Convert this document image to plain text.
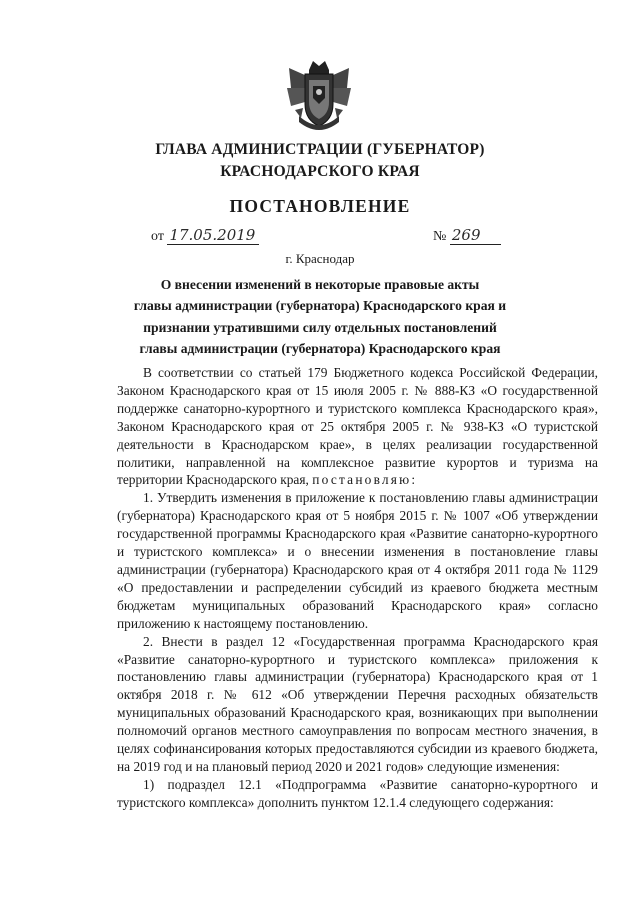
ГЛАВА АДМИНИСТРАЦИИ (ГУБЕРНАТОР)
КРАСНОДАРСКОГО КРАЯ
ПОСТАНОВЛЕНИЕ
от 17.05.2019	№ 269
г. Краснодар
О внесении изменений в некоторые правовые акты
главы администрации (губернатора) Краснодарского края и
признании утратившими силу отдельных постановлений
главы администрации (губернатора) Краснодарского края

В соответствии со статьей 179 Бюджетного кодекса Российской Федерации, Законом Краснодарского края от 15 июля 2005 г. № 888-КЗ «О государственной поддержке санаторно-курортного и туристского комплекса Краснодарского края», Законом Краснодарского края от 25 октября 2005 г. № 938-КЗ «О туристской деятельности в Краснодарском крае», в целях реализации государственной политики, направленной на комплексное развитие курортов и туризма на территории Краснодарского края, постановляю:

1. Утвердить изменения в приложение к постановлению главы администрации (губернатора) Краснодарского края от 5 ноября 2015 г. № 1007 «Об утверждении государственной программы Краснодарского края «Развитие санаторно-курортного и туристского комплекса» и о внесении изменения в постановление главы администрации (губернатора) Краснодарского края от 4 октября 2011 года № 1129 «О предоставлении и распределении субсидий из краевого бюджета местным бюджетам муниципальных образований Краснодарского края» согласно приложению к настоящему постановлению.

2. Внести в раздел 12 «Государственная программа Краснодарского края «Развитие санаторно-курортного и туристского комплекса» приложения к постановлению главы администрации (губернатора) Краснодарского края от 1 октября 2018 г. № 612 «Об утверждении Перечня расходных обязательств муниципальных образований Краснодарского края, возникающих при выполнении полномочий органов местного самоуправления по вопросам местного значения, в целях софинансирования которых предоставляются субсидии из краевого бюджета, на 2019 год и на плановый период 2020 и 2021 годов» следующие изменения:

1) подраздел 12.1 «Подпрограмма «Развитие санаторно-курортного и туристского комплекса» дополнить пунктом 12.1.4 следующего содержания:
